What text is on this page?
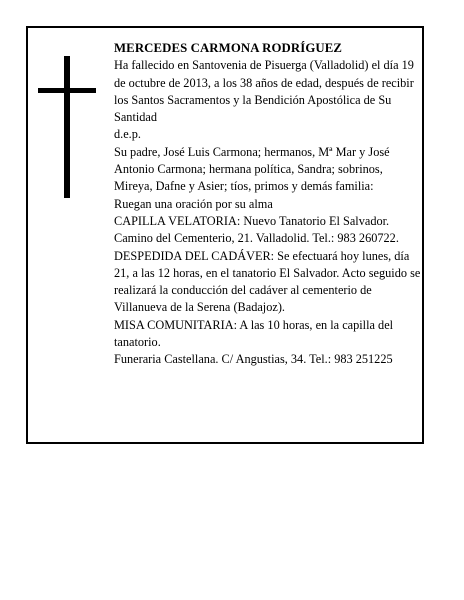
MERCEDES CARMONA RODRÍGUEZ

Ha fallecido en Santovenia de Pisuerga (Valladolid) el día 19 de octubre de 2013, a los 38 años de edad, después de recibir los Santos Sacramentos y la Bendición Apostólica de Su Santidad

d.e.p.

Su padre, José Luis Carmona; hermanos, Mª Mar y José Antonio Carmona; hermana política, Sandra; sobrinos, Mireya, Dafne y Asier; tíos, primos y demás familia:

Ruegan una oración por su alma

CAPILLA VELATORIA: Nuevo Tanatorio El Salvador. Camino del Cementerio, 21. Valladolid. Tel.: 983 260722.

DESPEDIDA DEL CADÁVER: Se efectuará hoy lunes, día 21, a las 12 horas, en el tanatorio El Salvador. Acto seguido se realizará la conducción del cadáver al cementerio de Villanueva de la Serena (Badajoz).

MISA COMUNITARIA: A las 10 horas, en la capilla del tanatorio.

Funeraria Castellana. C/ Angustias, 34. Tel.: 983 251225
